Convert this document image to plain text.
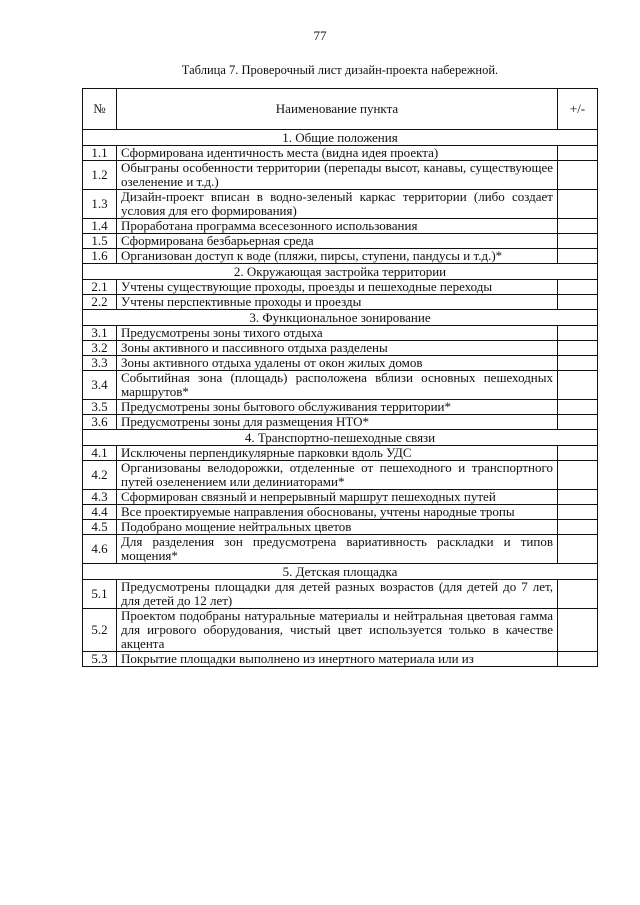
77
Таблица 7. Проверочный лист дизайн-проекта набережной.
№	Наименование пункта	+/-
1. Общие положения		
1.1	Сформирована идентичность места (видна идея проекта)	
1.2	Обыграны особенности территории (перепады высот, канавы, существующее озеленение и т.д.)	
1.3	Дизайн-проект вписан в водно-зеленый каркас территории (либо создает условия для его формирования)	
1.4	Проработана программа всесезонного использования	
1.5	Сформирована безбарьерная среда	
1.6	Организован доступ к воде (пляжи, пирсы, ступени, пандусы и т.д.)*	
2. Окружающая застройка территории		
2.1	Учтены существующие проходы, проезды и пешеходные переходы	
2.2	Учтены перспективные проходы и проезды	
3. Функциональное зонирование		
3.1	Предусмотрены зоны тихого отдыха	
3.2	Зоны активного и пассивного отдыха разделены	
3.3	Зоны активного отдыха удалены от окон жилых домов	
3.4	Событийная зона (площадь) расположена вблизи основных пешеходных маршрутов*	
3.5	Предусмотрены зоны бытового обслуживания территории*	
3.6	Предусмотрены зоны для размещения НТО*	
4. Транспортно-пешеходные связи		
4.1	Исключены перпендикулярные парковки вдоль УДС	
4.2	Организованы велодорожки, отделенные от пешеходного и транспортного путей озеленением или делиниаторами*	
4.3	Сформирован связный и непрерывный маршрут пешеходных путей	
4.4	Все проектируемые направления обоснованы, учтены народные тропы	
4.5	Подобрано мощение нейтральных цветов	
4.6	Для разделения зон предусмотрена вариативность раскладки и типов мощения*	
5. Детская площадка		
5.1	Предусмотрены площадки для детей разных возрастов (для детей до 7 лет, для детей до 12 лет)	
5.2	Проектом подобраны натуральные материалы и нейтральная цветовая гамма для игрового оборудования, чистый цвет используется только в качестве акцента	
5.3	Покрытие площадки выполнено из инертного материала или из	
